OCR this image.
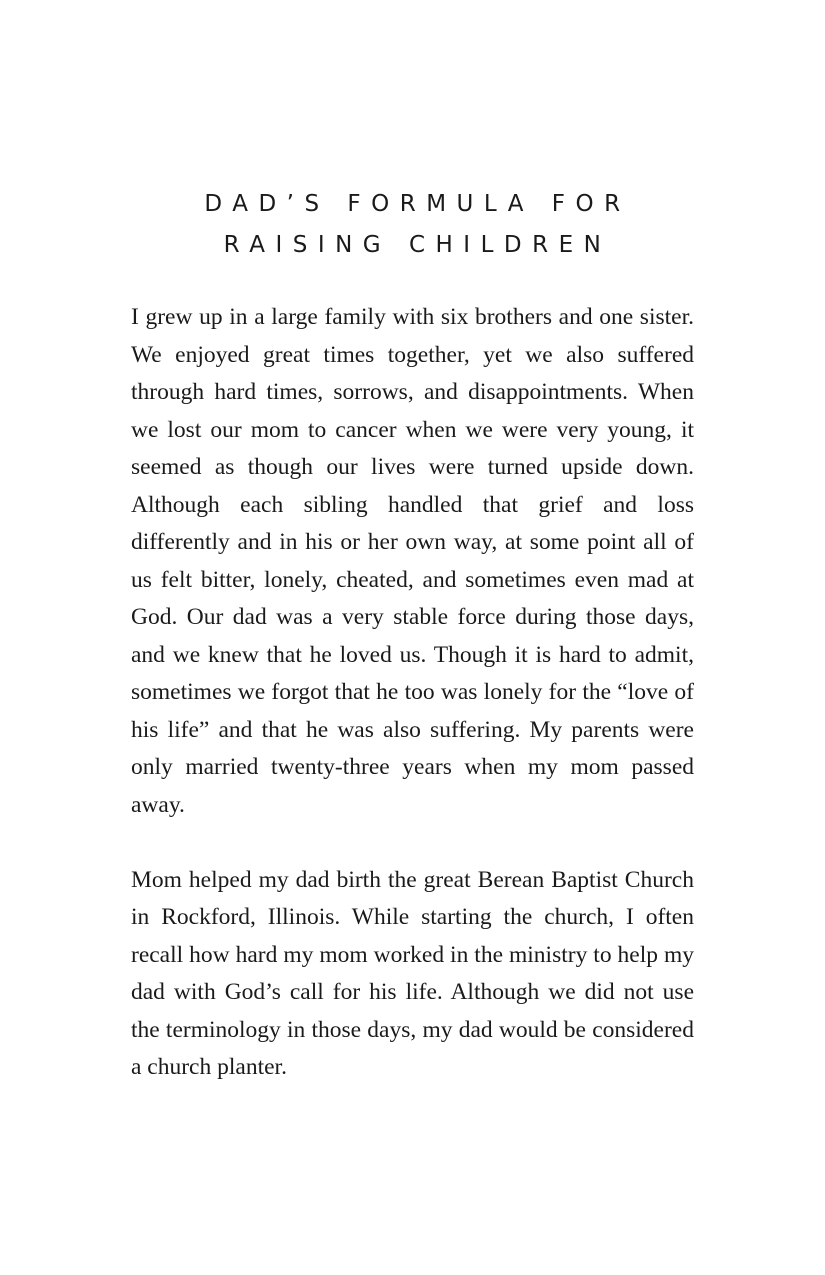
DAD’S FORMULA FOR
RAISING CHILDREN

I grew up in a large family with six brothers and one sister. We enjoyed great times together, yet we also suffered through hard times, sorrows, and disappointments. When we lost our mom to cancer when we were very young, it seemed as though our lives were turned upside down. Although each sibling handled that grief and loss differently and in his or her own way, at some point all of us felt bitter, lonely, cheated, and sometimes even mad at God. Our dad was a very stable force during those days, and we knew that he loved us. Though it is hard to admit, sometimes we forgot that he too was lonely for the “love of his life” and that he was also suffering. My parents were only married twenty-three years when my mom passed away.

Mom helped my dad birth the great Berean Baptist Church in Rockford, Illinois. While starting the church, I often recall how hard my mom worked in the ministry to help my dad with God’s call for his life. Although we did not use the terminology in those days, my dad would be considered a church planter.
